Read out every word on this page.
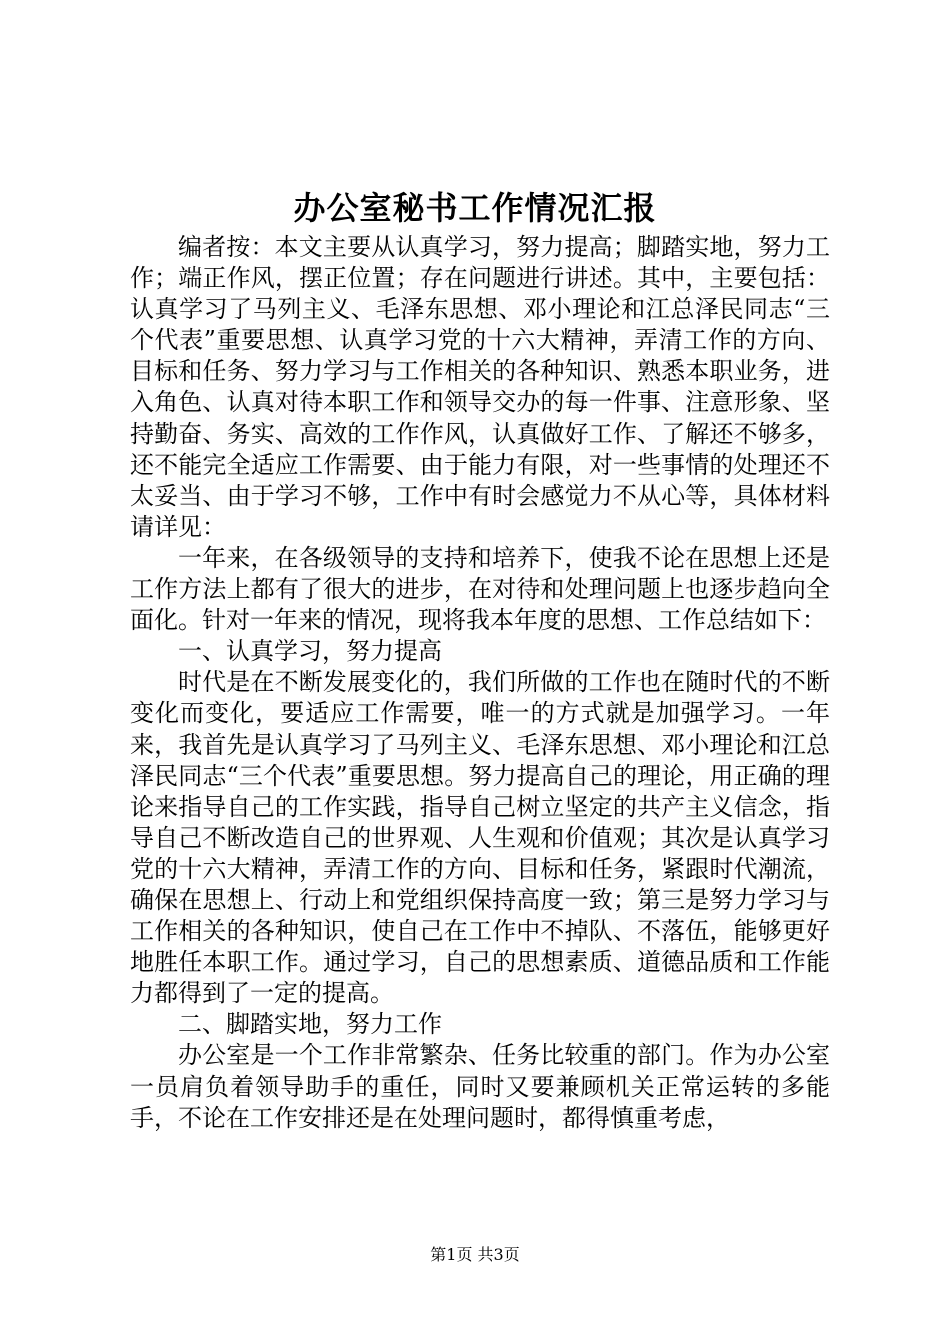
办公室秘书工作情况汇报

编者按：本文主要从认真学习，努力提高；脚踏实地，努力工作；端正作风，摆正位置；存在问题进行讲述。其中，主要包括：认真学习了马列主义、毛泽东思想、邓小理论和江总泽民同志“三个代表”重要思想、认真学习党的十六大精神，弄清工作的方向、目标和任务、努力学习与工作相关的各种知识、熟悉本职业务，进入角色、认真对待本职工作和领导交办的每一件事、注意形象、坚持勤奋、务实、高效的工作作风，认真做好工作、了解还不够多，还不能完全适应工作需要、由于能力有限，对一些事情的处理还不太妥当、由于学习不够，工作中有时会感觉力不从心等，具体材料请详见：

一年来，在各级领导的支持和培养下，使我不论在思想上还是工作方法上都有了很大的进步，在对待和处理问题上也逐步趋向全面化。针对一年来的情况，现将我本年度的思想、工作总结如下：

一、认真学习，努力提高

时代是在不断发展变化的，我们所做的工作也在随时代的不断变化而变化，要适应工作需要，唯一的方式就是加强学习。一年来，我首先是认真学习了马列主义、毛泽东思想、邓小理论和江总泽民同志“三个代表”重要思想。努力提高自己的理论，用正确的理论来指导自己的工作实践，指导自己树立坚定的共产主义信念，指导自己不断改造自己的世界观、人生观和价值观；其次是认真学习党的十六大精神，弄清工作的方向、目标和任务，紧跟时代潮流，确保在思想上、行动上和党组织保持高度一致；第三是努力学习与工作相关的各种知识，使自己在工作中不掉队、不落伍，能够更好地胜任本职工作。通过学习，自己的思想素质、道德品质和工作能力都得到了一定的提高。

二、脚踏实地，努力工作

办公室是一个工作非常繁杂、任务比较重的部门。作为办公室一员肩负着领导助手的重任，同时又要兼顾机关正常运转的多能手，不论在工作安排还是在处理问题时，都得慎重考虑，

第1页 共3页
